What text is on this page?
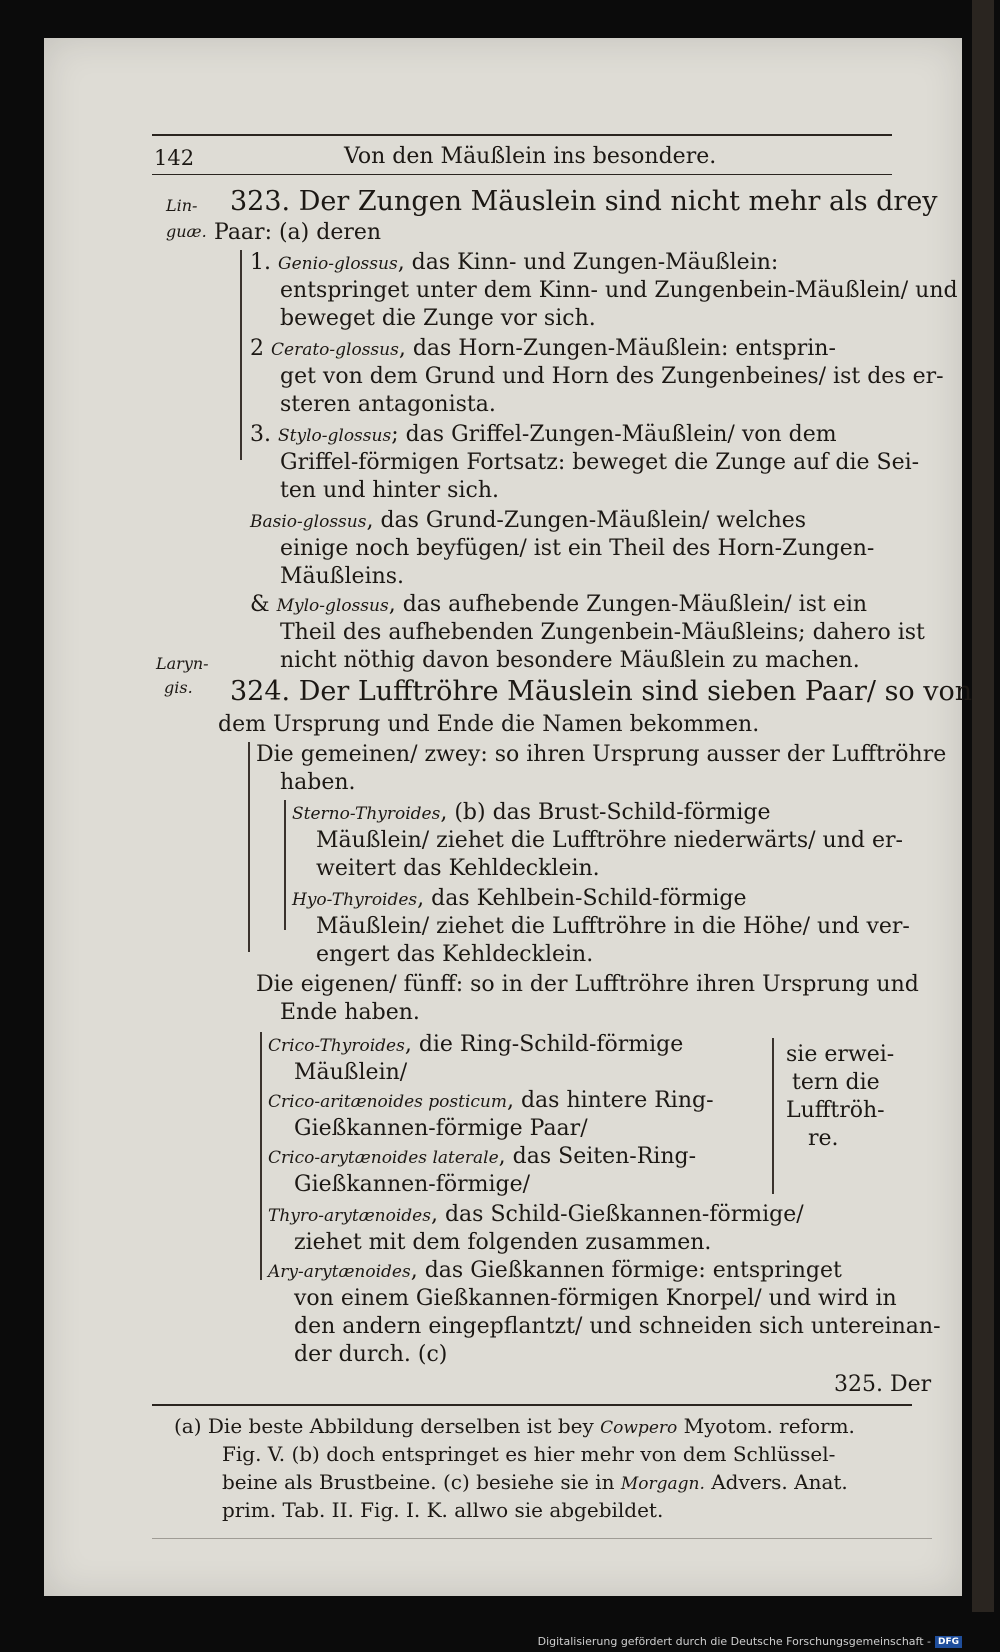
142	Von den Mäußlein ins besondere.
Lin-
guæ.
Laryn-
gis.
323. Der Zungen Mäuslein sind nicht mehr als drey
Paar: (a) deren
1. Genio-glossus, das Kinn- und Zungen-Mäußlein:
entspringet unter dem Kinn- und Zungenbein-Mäußlein/ und
beweget die Zunge vor sich.
2 Cerato-glossus, das Horn-Zungen-Mäußlein: entsprin-
get von dem Grund und Horn des Zungenbeines/ ist des er-
steren antagonista.
3. Stylo-glossus; das Griffel-Zungen-Mäußlein/ von dem
Griffel-förmigen Fortsatz: beweget die Zunge auf die Sei-
ten und hinter sich.
Basio-glossus, das Grund-Zungen-Mäußlein/ welches
einige noch beyfügen/ ist ein Theil des Horn-Zungen-
Mäußleins.
& Mylo-glossus, das aufhebende Zungen-Mäußlein/ ist ein
Theil des aufhebenden Zungenbein-Mäußleins; dahero ist
nicht nöthig davon besondere Mäußlein zu machen.
324. Der Lufftröhre Mäuslein sind sieben Paar/ so von
dem Ursprung und Ende die Namen bekommen.
Die gemeinen/ zwey: so ihren Ursprung ausser der Lufftröhre
haben.
Sterno-Thyroides, (b) das Brust-Schild-förmige
Mäußlein/ ziehet die Lufftröhre niederwärts/ und er-
weitert das Kehldecklein.
Hyo-Thyroides, das Kehlbein-Schild-förmige
Mäußlein/ ziehet die Lufftröhre in die Höhe/ und ver-
engert das Kehldecklein.
Die eigenen/ fünff: so in der Lufftröhre ihren Ursprung und
Ende haben.
Crico-Thyroides, die Ring-Schild-förmige
Mäußlein/
Crico-aritænoides posticum, das hintere Ring-
Gießkannen-förmige Paar/
Crico-arytænoides laterale, das Seiten-Ring-
Gießkannen-förmige/
sie erwei-
tern die
Lufftröh-
re.
Thyro-arytænoides, das Schild-Gießkannen-förmige/
ziehet mit dem folgenden zusammen.
Ary-arytænoides, das Gießkannen förmige: entspringet
von einem Gießkannen-förmigen Knorpel/ und wird in
den andern eingepflantzt/ und schneiden sich untereinan-
der durch. (c)
325. Der
(a) Die beste Abbildung derselben ist bey Cowpero Myotom. reform.
Fig. V. (b) doch entspringet es hier mehr von dem Schlüssel-
beine als Brustbeine. (c) besiehe sie in Morgagn. Advers. Anat.
prim. Tab. II. Fig. I. K. allwo sie abgebildet.
Digitalisierung gefördert durch die Deutsche Forschungsgemeinschaft - DFG
